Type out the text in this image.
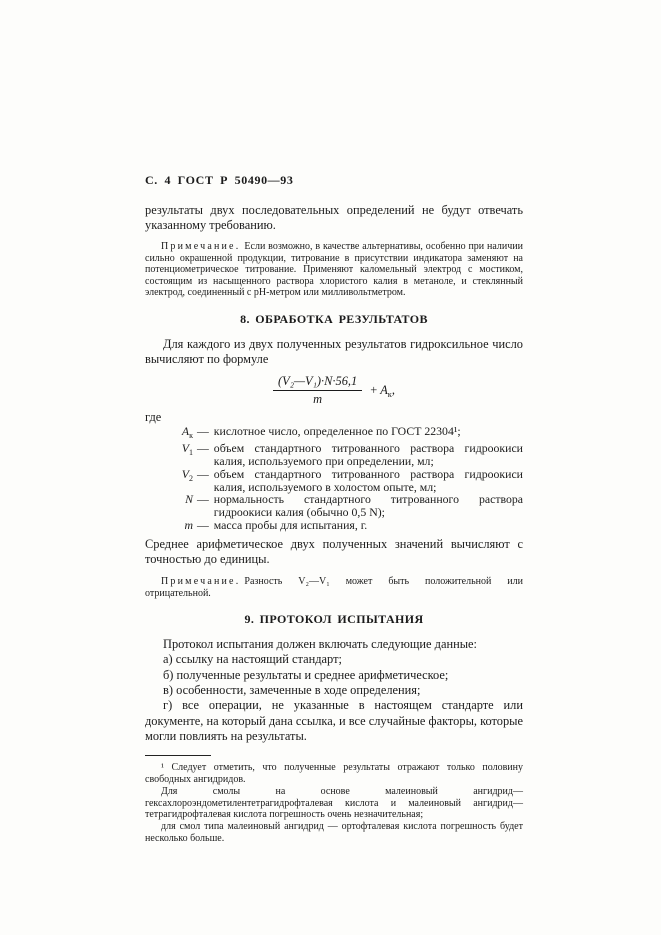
С. 4 ГОСТ Р 50490—93

результаты двух последовательных определений не будут отвечать указанному требованию.

Примечание. Если возможно, в качестве альтернативы, особенно при наличии сильно окрашенной продукции, титрование в присутствии индикатора заменяют на потенциометрическое титрование. Применяют каломельный электрод с мостиком, состоящим из насыщенного раствора хлористого калия в метаноле, и стеклянный электрод, соединенный с рН-метром или милливольтметром.

8. ОБРАБОТКА РЕЗУЛЬТАТОВ

Для каждого из двух полученных результатов гидроксильное число вычисляют по формуле

$\frac{\text{(V₂—V₁)·N·56,1}}{m} + A_к$,

где

$A_к$ — кислотное число, определенное по ГОСТ 22304¹;
$V_1$ — объем стандартного титрованного раствора гидроокиси калия, используемого при определении, мл;
$V_2$ — объем стандартного титрованного раствора гидроокиси калия, используемого в холостом опыте, мл;
N — нормальность стандартного титрованного раствора гидроокиси калия (обычно 0,5 N);
m — масса пробы для испытания, г.

Среднее арифметическое двух полученных значений вычисляют с точностью до единицы.

Примечание. Разность V₂—V₁ может быть положительной или отрицательной.

9. ПРОТОКОЛ ИСПЫТАНИЯ

Протокол испытания должен включать следующие данные:

а) ссылку на настоящий стандарт;

б) полученные результаты и среднее арифметическое;

в) особенности, замеченные в ходе определения;

г) все операции, не указанные в настоящем стандарте или документе, на который дана ссылка, и все случайные факторы, которые могли повлиять на результаты.

¹ Следует отметить, что полученные результаты отражают только половину свободных ангидридов.

Для смолы на основе малеиновый ангидрид—гексахлороэндометилентетрагидрофталевая кислота и малеиновый ангидрид—тетрагидрофталевая кислота погрешность очень незначительная;

для смол типа малеиновый ангидрид — ортофталевая кислота погрешность будет несколько больше.
